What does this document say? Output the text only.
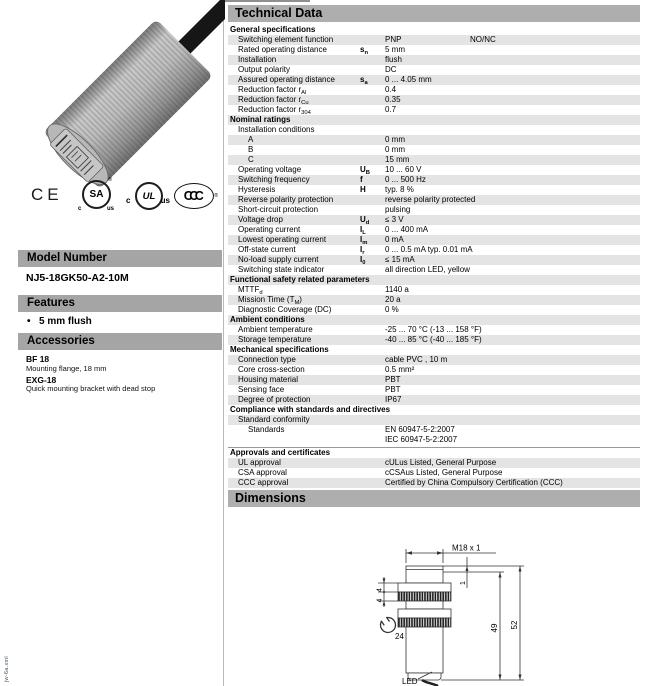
CE	SA
®
c	us
c UL us CCC	®
Model Number
NJ5-18GK50-A2-10M
Features
• 5 mm flush
Accessories
BF 18
Mounting flange, 18 mm
EXG-18
Quick mounting bracket with dead stop
jw-6a.xml
Technical Data
General specifications
Switching element function	PNP	NO/NC
Rated operating distance	sn 5 mm
Installation	flush
Output polarity	DC
Assured operating distance	sa 0 ... 4.05 mm
Reduction factor rAl	0.4
Reduction factor rCu	0.35
Reduction factor r304	0.7
Nominal ratings
Installation conditions
A	0 mm
B	0 mm
C	15 mm
Operating voltage	UB 10 ... 60 V
Switching frequency	f	0 ... 500 Hz
Hysteresis	H typ. 8 %
Reverse polarity protection	reverse polarity protected
Short-circuit protection	pulsing
Voltage drop	Ud ≤ 3 V
Operating current	IL 0 ... 400 mA
Lowest operating current	Im 0 mA
Off-state current	Ir	0 ... 0.5 mA typ. 0.01 mA
No-load supply current	I0 ≤ 15 mA
Switching state indicator	all direction LED, yellow
Functional safety related parameters
MTTFd	1140 a
Mission Time (TM)	20 a
Diagnostic Coverage (DC)	0 %
Ambient conditions
Ambient temperature	-25 ... 70 °C (-13 ... 158 °F)
Storage temperature	-40 ... 85 °C (-40 ... 185 °F)
Mechanical specifications
Connection type	cable PVC , 10 m
Core cross-section	0.5 mm²
Housing material	PBT
Sensing face	PBT
Degree of protection	IP67
Compliance with standards and directives
Standard conformity
Standards	EN 60947-5-2:2007
IEC 60947-5-2:2007
Approvals and certificates
UL approval	cULus Listed, General Purpose
CSA approval	cCSAus Listed, General Purpose
CCC approval	Certified by China Compulsory Certification (CCC)
Dimensions
M18 x 1
4
4
24
1
49 52
LED
